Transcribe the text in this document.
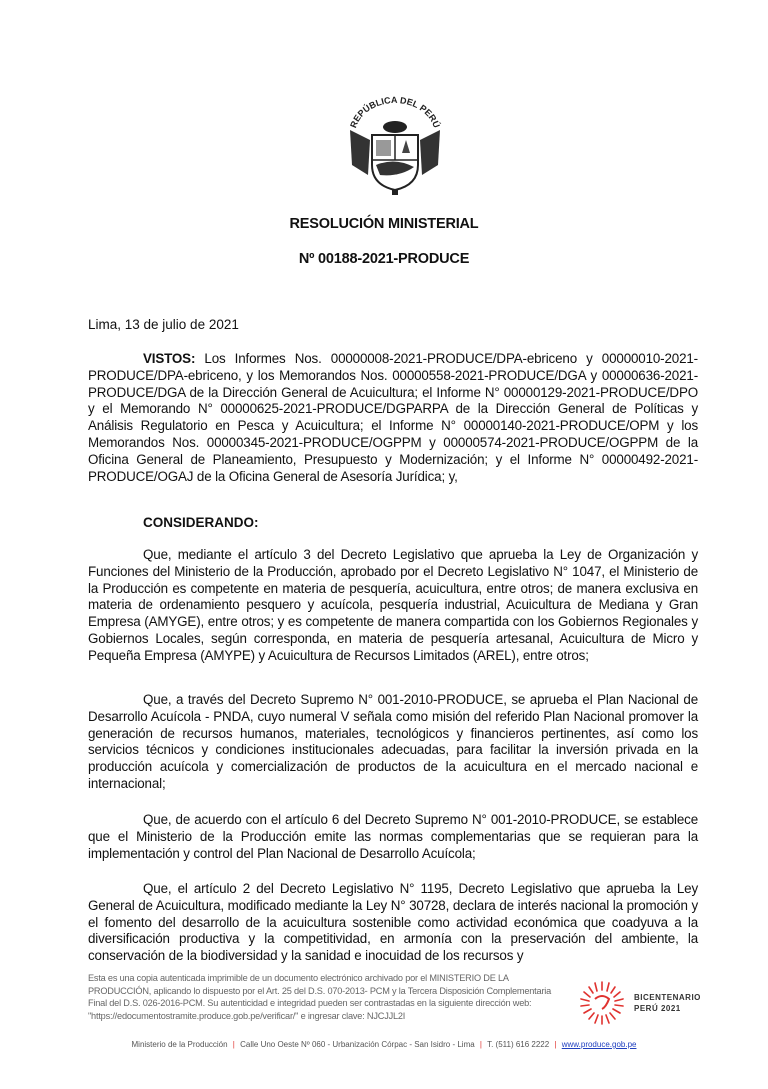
REPÚBLICA DEL PERÚ
RESOLUCIÓN MINISTERIAL
Nº 00188-2021-PRODUCE
Lima, 13 de julio de 2021
VISTOS: Los Informes Nos. 00000008-2021-PRODUCE/DPA-ebriceno y 00000010-2021-PRODUCE/DPA-ebriceno, y los Memorandos Nos. 00000558-2021-PRODUCE/DGA y 00000636-2021-PRODUCE/DGA de la Dirección General de Acuicultura; el Informe N° 00000129-2021-PRODUCE/DPO y el Memorando N° 00000625-2021-PRODUCE/DGPARPA de la Dirección General de Políticas y Análisis Regulatorio en Pesca y Acuicultura; el Informe N° 00000140-2021-PRODUCE/OPM y los Memorandos Nos. 00000345-2021-PRODUCE/OGPPM y 00000574-2021-PRODUCE/OGPPM de la Oficina General de Planeamiento, Presupuesto y Modernización; y el Informe N° 00000492-2021-PRODUCE/OGAJ de la Oficina General de Asesoría Jurídica; y,
CONSIDERANDO:
Que, mediante el artículo 3 del Decreto Legislativo que aprueba la Ley de Organización y Funciones del Ministerio de la Producción, aprobado por el Decreto Legislativo N° 1047, el Ministerio de la Producción es competente en materia de pesquería, acuicultura, entre otros; de manera exclusiva en materia de ordenamiento pesquero y acuícola, pesquería industrial, Acuicultura de Mediana y Gran Empresa (AMYGE), entre otros; y es competente de manera compartida con los Gobiernos Regionales y Gobiernos Locales, según corresponda, en materia de pesquería artesanal, Acuicultura de Micro y Pequeña Empresa (AMYPE) y Acuicultura de Recursos Limitados (AREL), entre otros;
Que, a través del Decreto Supremo N° 001-2010-PRODUCE, se aprueba el Plan Nacional de Desarrollo Acuícola - PNDA, cuyo numeral V señala como misión del referido Plan Nacional promover la generación de recursos humanos, materiales, tecnológicos y financieros pertinentes, así como los servicios técnicos y condiciones institucionales adecuadas, para facilitar la inversión privada en la producción acuícola y comercialización de productos de la acuicultura en el mercado nacional e internacional;
Que, de acuerdo con el artículo 6 del Decreto Supremo N° 001-2010-PRODUCE, se establece que el Ministerio de la Producción emite las normas complementarias que se requieran para la implementación y control del Plan Nacional de Desarrollo Acuícola;
Que, el artículo 2 del Decreto Legislativo N° 1195, Decreto Legislativo que aprueba la Ley General de Acuicultura, modificado mediante la Ley N° 30728, declara de interés nacional la promoción y el fomento del desarrollo de la acuicultura sostenible como actividad económica que coadyuva a la diversificación productiva y la competitividad, en armonía con la preservación del ambiente, la conservación de la biodiversidad y la sanidad e inocuidad de los recursos y
Esta es una copia autenticada imprimible de un documento electrónico archivado por el MINISTERIO DE LA PRODUCCIÓN, aplicando lo dispuesto por el Art. 25 del D.S. 070-2013- PCM y la Tercera Disposición Complementaria Final del D.S. 026-2016-PCM. Su autenticidad e integridad pueden ser contrastadas en la siguiente dirección web: "https://edocumentostramite.produce.gob.pe/verificar/" e ingresar clave: NJCJJL2I
BICENTENARIO
PERÚ 2021
Ministerio de la Producción | Calle Uno Oeste Nº 060 - Urbanización Córpac - San Isidro - Lima | T. (511) 616 2222 | www.produce.gob.pe
